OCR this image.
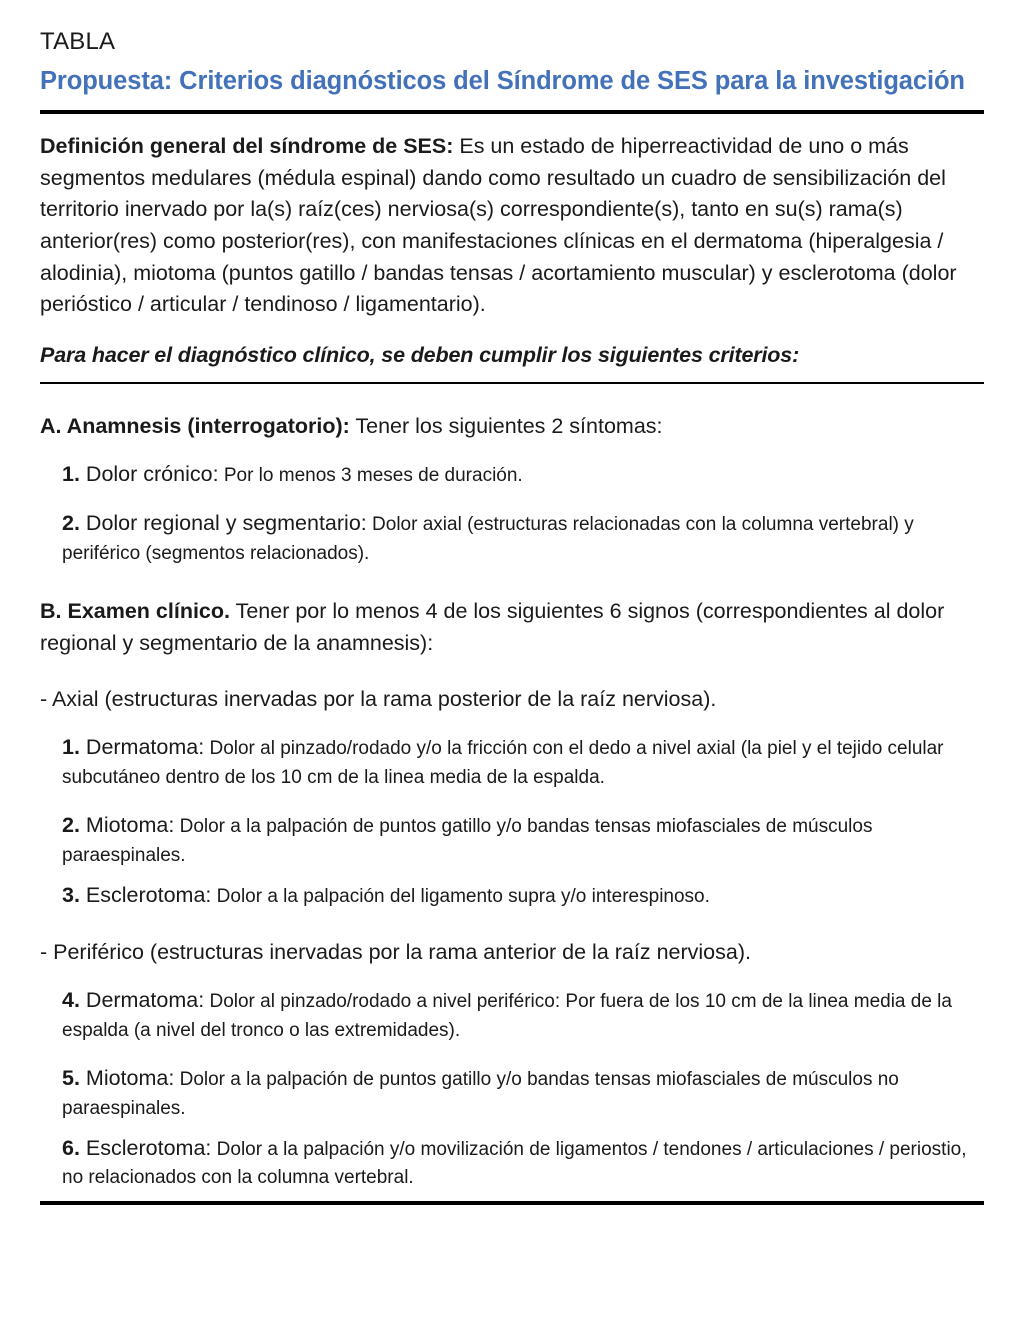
TABLA
Propuesta: Criterios diagnósticos del Síndrome de SES para la investigación
Definición general del síndrome de SES: Es un estado de hiperreactividad de uno o más segmentos medulares (médula espinal) dando como resultado un cuadro de sensibilización del territorio inervado por la(s) raíz(ces) nerviosa(s) correspondiente(s), tanto en su(s) rama(s) anterior(res) como posterior(res), con manifestaciones clínicas en el dermatoma (hiperalgesia / alodinia), miotoma (puntos gatillo / bandas tensas / acortamiento muscular) y esclerotoma (dolor perióstico / articular / tendinoso / ligamentario).
Para hacer el diagnóstico clínico, se deben cumplir los siguientes criterios:
A. Anamnesis (interrogatorio): Tener los siguientes 2 síntomas:
1. Dolor crónico: Por lo menos 3 meses de duración.
2. Dolor regional y segmentario: Dolor axial (estructuras relacionadas con la columna vertebral) y periférico (segmentos relacionados).
B. Examen clínico. Tener por lo menos 4 de los siguientes 6 signos (correspondientes al dolor regional y segmentario de la anamnesis):
- Axial (estructuras inervadas por la rama posterior de la raíz nerviosa).
1. Dermatoma: Dolor al pinzado/rodado y/o la fricción con el dedo a nivel axial (la piel y el tejido celular subcutáneo dentro de los 10 cm de la linea media de la espalda.
2. Miotoma: Dolor a la palpación de puntos gatillo y/o bandas tensas miofasciales de músculos paraespinales.
3. Esclerotoma: Dolor a la palpación del ligamento supra y/o interespinoso.
- Periférico (estructuras inervadas por la rama anterior de la raíz nerviosa).
4. Dermatoma: Dolor al pinzado/rodado a nivel periférico: Por fuera de los 10 cm de la linea media de la espalda (a nivel del tronco o las extremidades).
5. Miotoma: Dolor a la palpación de puntos gatillo y/o bandas tensas miofasciales de músculos no paraespinales.
6. Esclerotoma: Dolor a la palpación y/o movilización de ligamentos / tendones / articulaciones / periostio, no relacionados con la columna vertebral.
